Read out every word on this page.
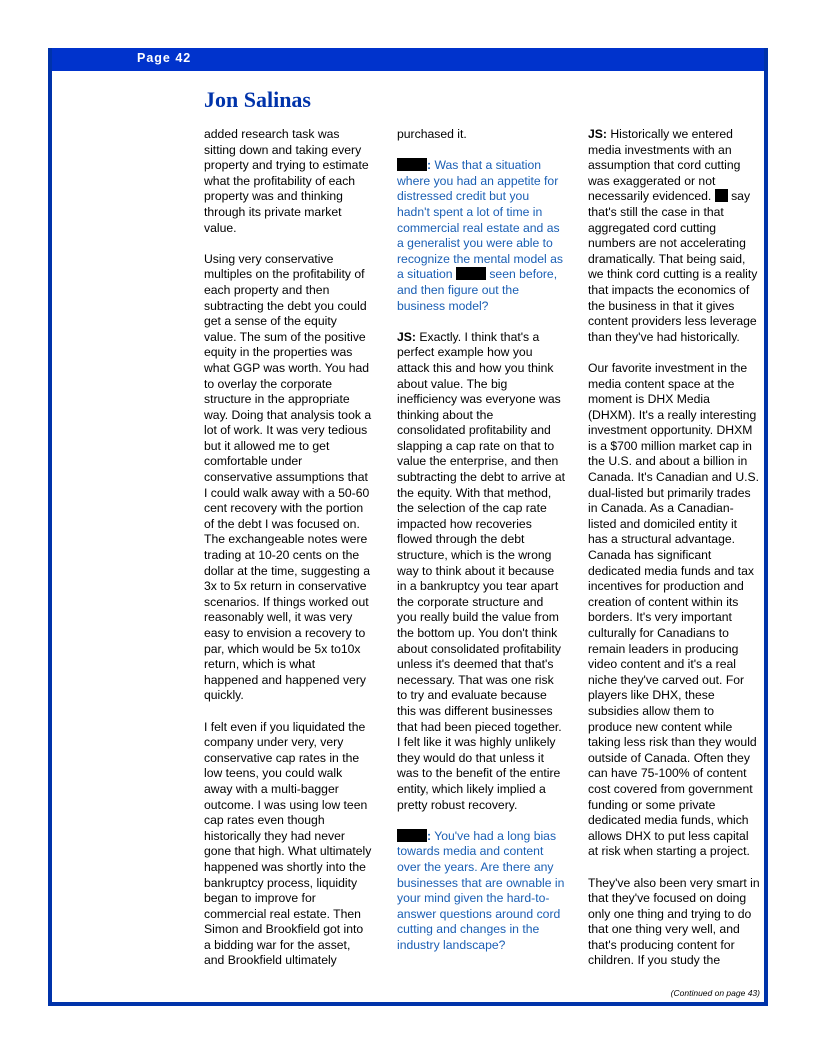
Page 42
Jon Salinas

added research task was sitting down and taking every property and trying to estimate what the profitability of each property was and thinking through its private market value.

Using very conservative multiples on the profitability of each property and then subtracting the debt you could get a sense of the equity value. The sum of the positive equity in the properties was what GGP was worth. You had to overlay the corporate structure in the appropriate way. Doing that analysis took a lot of work. It was very tedious but it allowed me to get comfortable under conservative assumptions that I could walk away with a 50-60 cent recovery with the portion of the debt I was focused on. The exchangeable notes were trading at 10-20 cents on the dollar at the time, suggesting a 3x to 5x return in conservative scenarios. If things worked out reasonably well, it was very easy to envision a recovery to par, which would be 5x to10x return, which is what happened and happened very quickly.

I felt even if you liquidated the company under very, very conservative cap rates in the low teens, you could walk away with a multi-bagger outcome. I was using low teen cap rates even though historically they had never gone that high. What ultimately happened was shortly into the bankruptcy process, liquidity began to improve for commercial real estate. Then Simon and Brookfield got into a bidding war for the asset, and Brookfield ultimately

purchased it.

: Was that a situation where you had an appetite for distressed credit but you hadn't spent a lot of time in commercial real estate and as a generalist you were able to recognize the mental model as a situation  seen before, and then figure out the business model?

JS: Exactly. I think that's a perfect example how you attack this and how you think about value. The big inefficiency was everyone was thinking about the consolidated profitability and slapping a cap rate on that to value the enterprise, and then subtracting the debt to arrive at the equity. With that method, the selection of the cap rate impacted how recoveries flowed through the debt structure, which is the wrong way to think about it because in a bankruptcy you tear apart the corporate structure and you really build the value from the bottom up. You don't think about consolidated profitability unless it's deemed that that's necessary. That was one risk to try and evaluate because this was different businesses that had been pieced together. I felt like it was highly unlikely they would do that unless it was to the benefit of the entire entity, which likely implied a pretty robust recovery.

: You've had a long bias towards media and content over the years. Are there any businesses that are ownable in your mind given the hard-to-answer questions around cord cutting and changes in the industry landscape?

JS: Historically we entered media investments with an assumption that cord cutting was exaggerated or not necessarily evidenced.  say that's still the case in that aggregated cord cutting numbers are not accelerating dramatically. That being said, we think cord cutting is a reality that impacts the economics of the business in that it gives content providers less leverage than they've had historically.

Our favorite investment in the media content space at the moment is DHX Media (DHXM). It's a really interesting investment opportunity. DHXM is a $700 million market cap in the U.S. and about a billion in Canada. It's Canadian and U.S. dual-listed but primarily trades in Canada. As a Canadian-listed and domiciled entity it has a structural advantage. Canada has significant dedicated media funds and tax incentives for production and creation of content within its borders. It's very important culturally for Canadians to remain leaders in producing video content and it's a real niche they've carved out. For players like DHX, these subsidies allow them to produce new content while taking less risk than they would outside of Canada. Often they can have 75-100% of content cost covered from government funding or some private dedicated media funds, which allows DHX to put less capital at risk when starting a project.

They've also been very smart in that they've focused on doing only one thing and trying to do that one thing very well, and that's producing content for children. If you study the

(Continued on page 43)
